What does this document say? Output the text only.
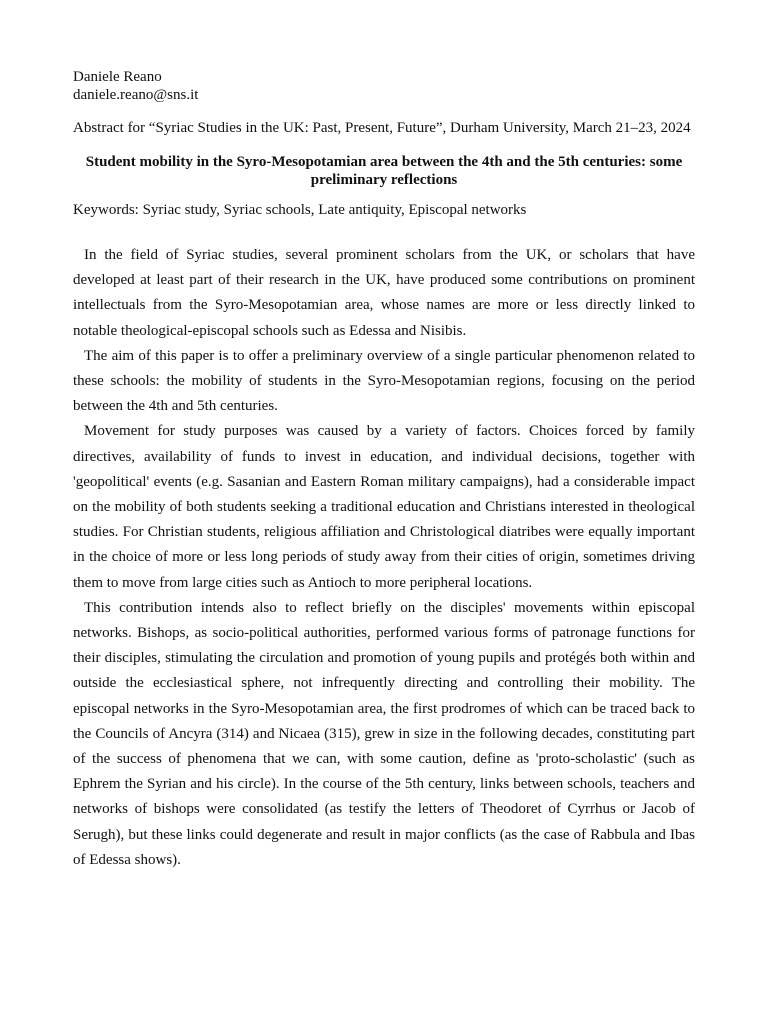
Daniele Reano
daniele.reano@sns.it
Abstract for “Syriac Studies in the UK: Past, Present, Future”, Durham University, March 21–23, 2024
Student mobility in the Syro-Mesopotamian area between the 4th and the 5th centuries: some preliminary reflections
Keywords: Syriac study, Syriac schools, Late antiquity, Episcopal networks

In the field of Syriac studies, several prominent scholars from the UK, or scholars that have developed at least part of their research in the UK, have produced some contributions on prominent intellectuals from the Syro-Mesopotamian area, whose names are more or less directly linked to notable theological-episcopal schools such as Edessa and Nisibis.

The aim of this paper is to offer a preliminary overview of a single particular phenomenon related to these schools: the mobility of students in the Syro-Mesopotamian regions, focusing on the period between the 4th and 5th centuries.

Movement for study purposes was caused by a variety of factors. Choices forced by family directives, availability of funds to invest in education, and individual decisions, together with 'geopolitical' events (e.g. Sasanian and Eastern Roman military campaigns), had a considerable impact on the mobility of both students seeking a traditional education and Christians interested in theological studies. For Christian students, religious affiliation and Christological diatribes were equally important in the choice of more or less long periods of study away from their cities of origin, sometimes driving them to move from large cities such as Antioch to more peripheral locations.

This contribution intends also to reflect briefly on the disciples' movements within episcopal networks. Bishops, as socio-political authorities, performed various forms of patronage functions for their disciples, stimulating the circulation and promotion of young pupils and protégés both within and outside the ecclesiastical sphere, not infrequently directing and controlling their mobility. The episcopal networks in the Syro-Mesopotamian area, the first prodromes of which can be traced back to the Councils of Ancyra (314) and Nicaea (315), grew in size in the following decades, constituting part of the success of phenomena that we can, with some caution, define as 'proto-scholastic' (such as Ephrem the Syrian and his circle). In the course of the 5th century, links between schools, teachers and networks of bishops were consolidated (as testify the letters of Theodoret of Cyrrhus or Jacob of Serugh), but these links could degenerate and result in major conflicts (as the case of Rabbula and Ibas of Edessa shows).
